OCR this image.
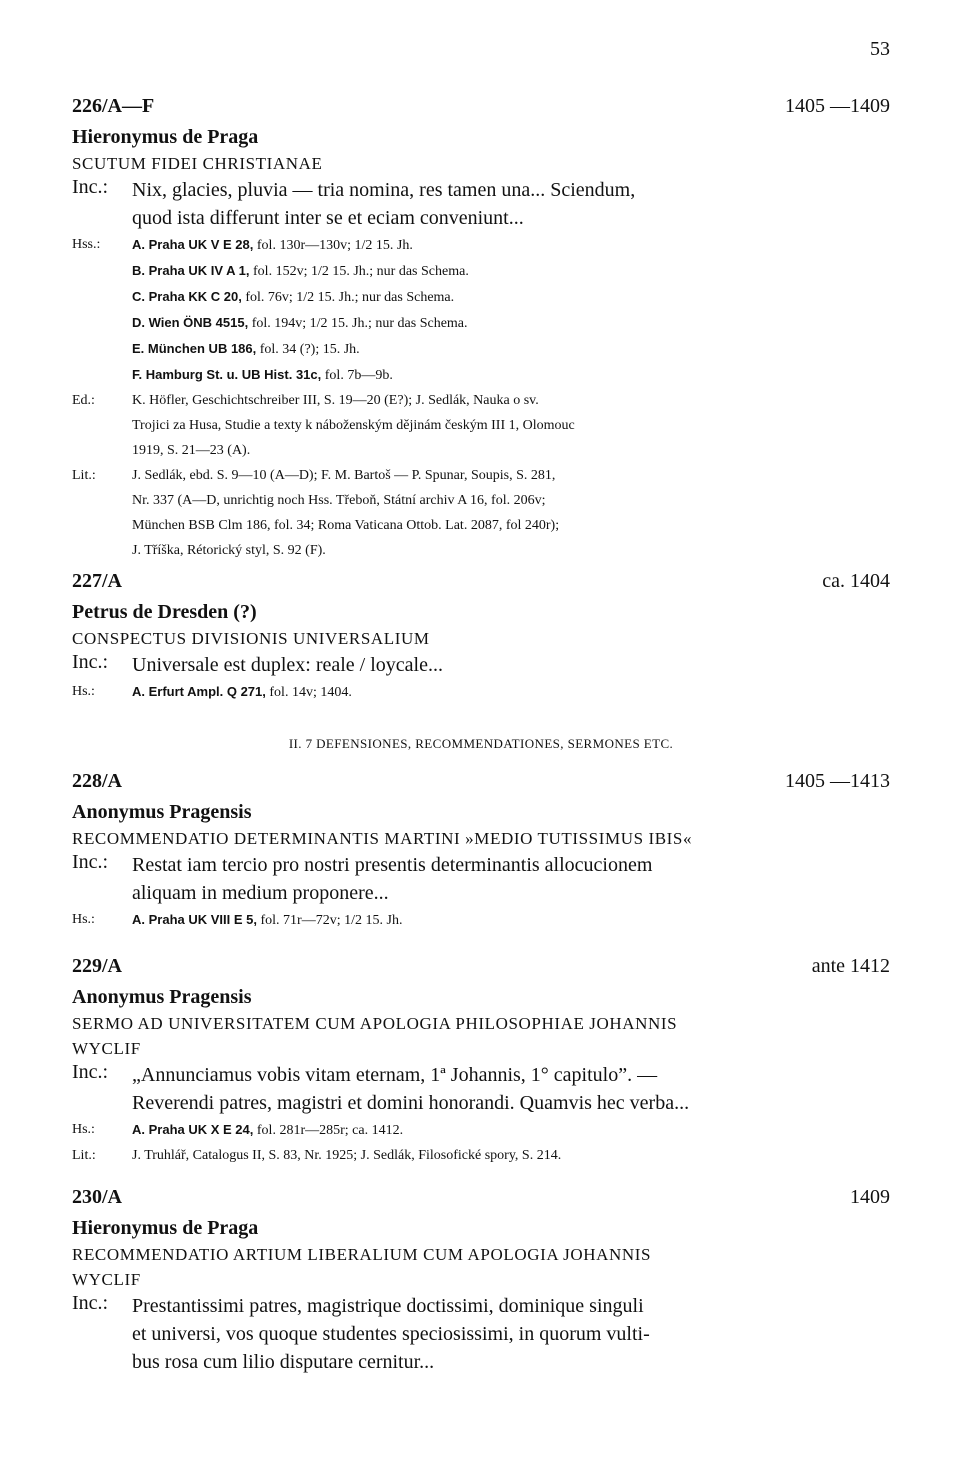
53
226/A—F	1405 —1409
Hieronymus de Praga
SCUTUM FIDEI CHRISTIANAE
Inc.:	Nix, glacies, pluvia — tria nomina, res tamen una... Sciendum,
quod ista differunt inter se et eciam conveniunt...
Hss.:	A. Praha UK V E 28, fol. 130r—130v; 1/2 15. Jh.
B. Praha UK IV A 1, fol. 152v; 1/2 15. Jh.; nur das Schema.
C. Praha KK C 20, fol. 76v; 1/2 15. Jh.; nur das Schema.
D. Wien ÖNB 4515, fol. 194v; 1/2 15. Jh.; nur das Schema.
E. München UB 186, fol. 34 (?); 15. Jh.
F. Hamburg St. u. UB Hist. 31c, fol. 7b—9b.
Ed.:	K. Höfler, Geschichtschreiber III, S. 19—20 (E?); J. Sedlák, Nauka o sv.
Trojici za Husa, Studie a texty k náboženským dějinám českým III 1, Olomouc
1919, S. 21—23 (A).
Lit.:	J. Sedlák, ebd. S. 9—10 (A—D); F. M. Bartoš — P. Spunar, Soupis, S. 281,
Nr. 337 (A—D, unrichtig noch Hss. Třeboň, Státní archiv A 16, fol. 206v;
München BSB Clm 186, fol. 34; Roma Vaticana Ottob. Lat. 2087, fol 240r);
J. Tříška, Rétorický styl, S. 92 (F).
227/A	ca. 1404
Petrus de Dresden (?)
CONSPECTUS DIVISIONIS UNIVERSALIUM
Inc.:	Universale est duplex: reale / loycale...
Hs.:	A. Erfurt Ampl. Q 271, fol. 14v; 1404.
II. 7 DEFENSIONES, RECOMMENDATIONES, SERMONES ETC.
228/A	1405 —1413
Anonymus Pragensis
RECOMMENDATIO DETERMINANTIS MARTINI »MEDIO TUTISSIMUS IBIS«
Inc.:	Restat iam tercio pro nostri presentis determinantis allocucionem
aliquam in medium proponere...
Hs.:	A. Praha UK VIII E 5, fol. 71r—72v; 1/2 15. Jh.
229/A	ante 1412
Anonymus Pragensis
SERMO AD UNIVERSITATEM CUM APOLOGIA PHILOSOPHIAE JOHANNIS
WYCLIF
Inc.:	„Annunciamus vobis vitam eternam, 1ª Johannis, 1° capitulo”. —
Reverendi patres, magistri et domini honorandi. Quamvis hec verba...
Hs.:	A. Praha UK X E 24, fol. 281r—285r; ca. 1412.
Lit.:	J. Truhlář, Catalogus II, S. 83, Nr. 1925; J. Sedlák, Filosofické spory, S. 214.
230/A	1409
Hieronymus de Praga
RECOMMENDATIO ARTIUM LIBERALIUM CUM APOLOGIA JOHANNIS
WYCLIF
Inc.:	Prestantissimi patres, magistrique doctissimi, dominique singuli
et universi, vos quoque studentes speciosissimi, in quorum vulti-
bus rosa cum lilio disputare cernitur...
